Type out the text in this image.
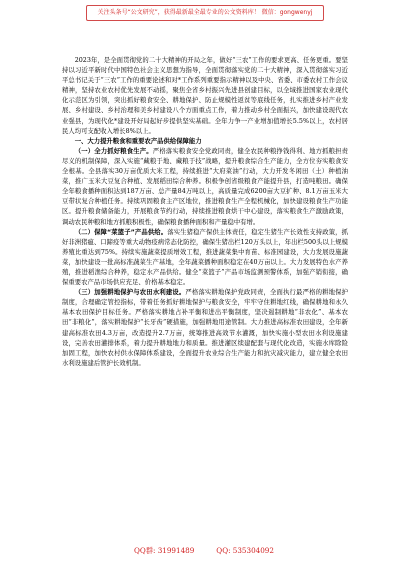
关注头条号“公文研究”，获得最新最全最专业的公文资料库！ 微信：gongwenyj

2023年，是全面贯彻党的二十大精神的开局之年，做好“三农”工作的要求更高、任务更重。要坚持以习近平新时代中国特色社会主义思想为指导，全面贯彻落实党的二十大精神，深入贯彻落实习近平总书记关于“三农”工作的重要论述和对*工作系列重要指示精神以及中央、省委、市委农村工作会议精神，坚持农业农村优先发展不动摇，聚焦全省乡村振兴先进县创建目标，以全域推进国家农业现代化示范区为引领，突出抓好粮食安全、耕地保护、防止规模性返贫等底线任务，扎实推进乡村产业发展、乡村建设、乡村治理和美乡村建设八个方面重点工作，着力推动乡村全面振兴，加快建设现代农业强县，为现代化*建设开好局起好步提供坚实基础。全年力争一产业增加值增长5.5%以上，农村居民人均可支配收入增长8%以上。

一、大力提升粮食和重要农产品供给保障能力

（一）全力抓好粮食生产。严格落实粮食安全党政同责，健全农民种粮挣钱得利、地方抓粮担责尽义的机制保障，深入实施“藏粮于地、藏粮于技”战略，提升粮食综合生产能力，全方位夯实粮食安全根基。全县落实30万亩优质大米工程，持续推进“大府菜油”行动，大力开发冬闲田（土）种植油菜，推广玉米大豆复合种植、发展稻田综合种养。积极争创省级粮食产能提升县，打造吨粮田。确保全年粮食播种面积达到187万亩、总产量84万吨以上，高质量完成6200亩大豆扩种、8.1万亩玉米大豆带状复合种植任务。持续巩固粮食主产区地位，推进粮食生产全程机械化，加快建设粮食生产功能区。提升粮食储备能力，开展粮食节约行动，持续推进粮食烘干中心建设，落实粮食生产激励政策，调动农民种粮和地方抓粮积极性，确保粮食播种面积和产量稳中有增。

（二）保障“菜篮子”产品供给。落实生猪稳产保供主体责任，稳定生猪生产长效性支持政策，抓好非洲猪瘟、口蹄疫等重大动物疫病常态化防控，确保生猪出栏120万头以上，年出栏500头以上规模养殖比重达到75%。持续实施蔬菜提质增效工程，推进蔬菜集中育苗、标准园建设，大力发展设施蔬菜，加快建设一批高标准蔬菜生产基地，全年蔬菜播种面积稳定在40万亩以上。大力发展特色水产养殖，推进稻渔综合种养，稳定水产品供给。健全“菜篮子”产品市场监测预警体系，加强产销衔接，确保重要农产品市场供应充足、价格基本稳定。

（三）加强耕地保护与农田水利建设。严格落实耕地保护党政同责，全面执行最严格的耕地保护制度，合理确定管控指标，带着任务抓好耕地保护与粮食安全，牢牢守住耕地红线，确保耕地和永久基本农田保护目标任务。严格落实耕地占补平衡和进出平衡制度，坚决遏制耕地“非农化”、基本农田“非粮化”，落实耕地保护“长牙齿”硬措施，加强耕地用途管制。大力推进高标准农田建设，全年新建高标准农田4.3万亩，改造提升2.7万亩，统筹推进高效节水灌溉，加快实施小型农田水利设施建设，完善农田灌排体系，着力提升耕地地力和质量。推进灌区续建配套与现代化改造，实施水库除险加固工程，加快农村供水保障体系建设，全面提升农业综合生产能力和抗灾减灾能力，建立健全农田水利设施建后管护长效机制。

QQ群: 31991489	QQ: 535304092
